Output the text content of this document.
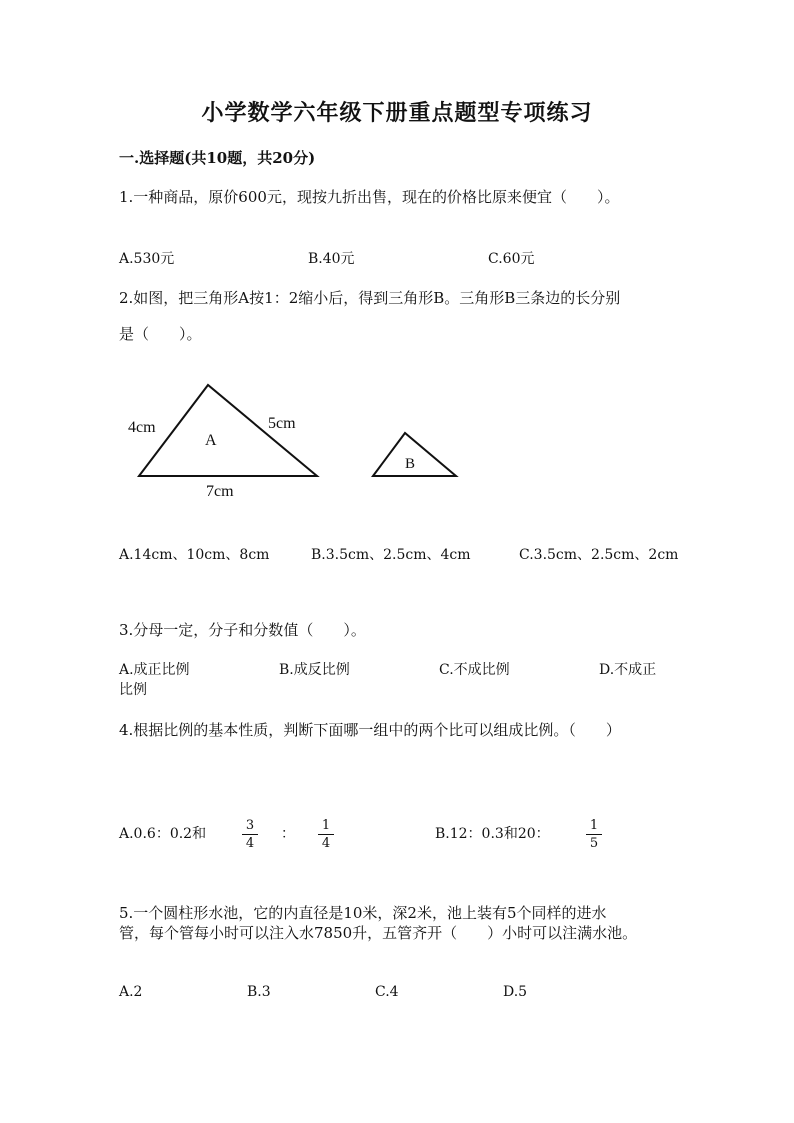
小学数学六年级下册重点题型专项练习
一.选择题(共10题，共20分)
1.一种商品，原价600元，现按九折出售，现在的价格比原来便宜（　　）。
A.530元	B.40元	C.60元
2.如图，把三角形A按1：2缩小后，得到三角形B。三角形B三条边的长分别
是（　　）。
A
B
4cm	5cm
7cm
A.14cm、10cm、8cm	B.3.5cm、2.5cm、4cm	C.3.5cm、2.5cm、2cm
3.分母一定，分子和分数值（　　）。
A.成正比例	B.成反比例	C.不成比例	D.不成正
比例
4.根据比例的基本性质，判断下面哪一组中的两个比可以组成比例。（　　）
A.0.6：0.2和
3
4
：
1
4
B.12：0.3和20：
1
5
5.一个圆柱形水池，它的内直径是10米，深2米，池上装有5个同样的进水
管，每个管每小时可以注入水7850升，五管齐开（　　）小时可以注满水池。
A.2	B.3	C.4	D.5
